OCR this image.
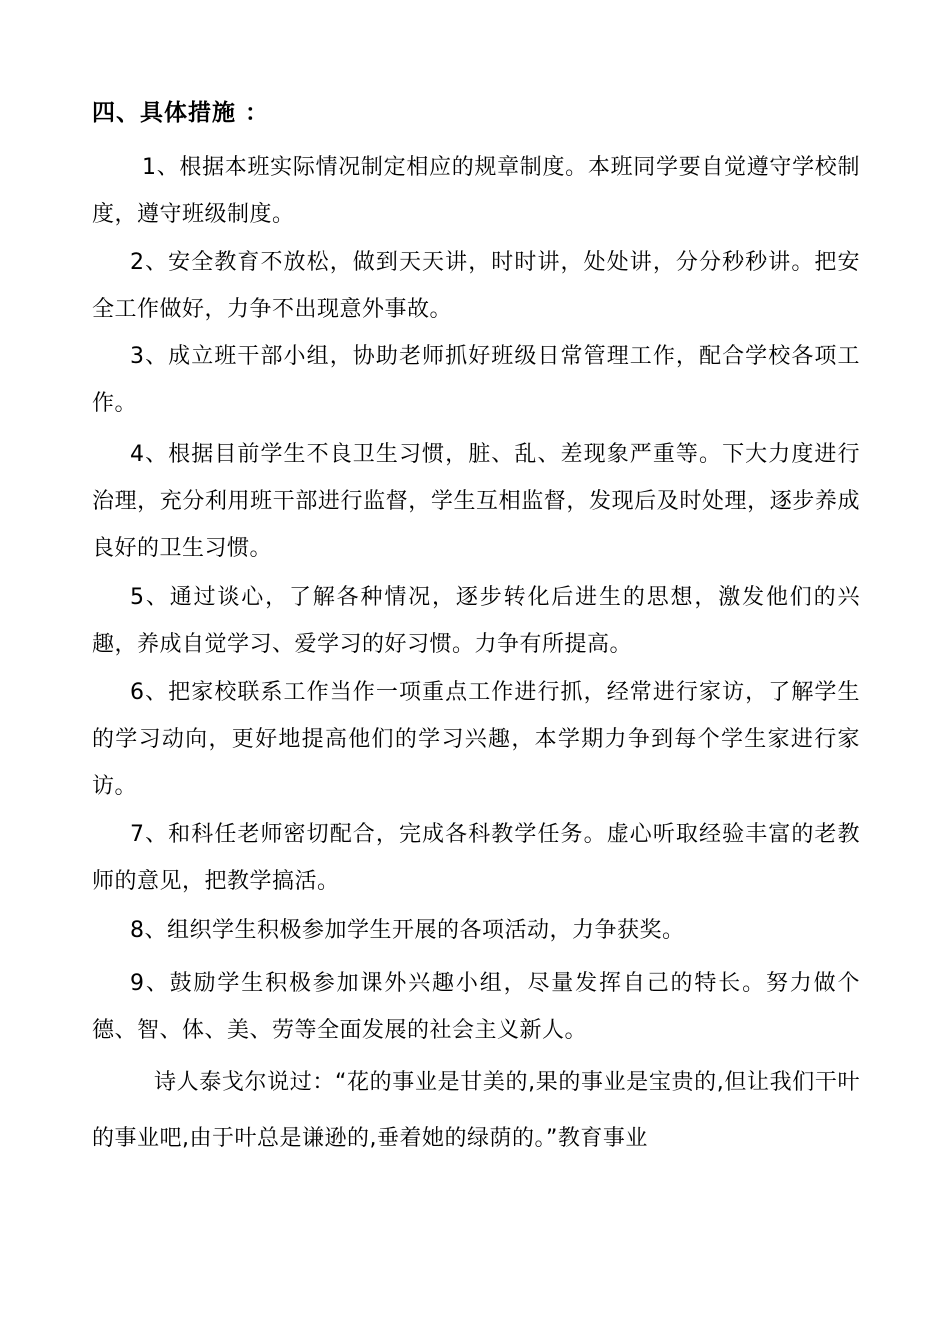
四、具体措施 ：
1、根据本班实际情况制定相应的规章制度。本班同学要自觉遵守学校制度，遵守班级制度。
2、安全教育不放松，做到天天讲，时时讲，处处讲，分分秒秒讲。把安全工作做好，力争不出现意外事故。
3、成立班干部小组，协助老师抓好班级日常管理工作，配合学校各项工作。
4、根据目前学生不良卫生习惯，脏、乱、差现象严重等。下大力度进行治理，充分利用班干部进行监督，学生互相监督，发现后及时处理，逐步养成良好的卫生习惯。
5、通过谈心，了解各种情况，逐步转化后进生的思想，激发他们的兴趣，养成自觉学习、爱学习的好习惯。力争有所提高。
6、把家校联系工作当作一项重点工作进行抓，经常进行家访，了解学生的学习动向，更好地提高他们的学习兴趣，本学期力争到每个学生家进行家访。
7、和科任老师密切配合，完成各科教学任务。虚心听取经验丰富的老教师的意见，把教学搞活。
8、组织学生积极参加学生开展的各项活动，力争获奖。
9、鼓励学生积极参加课外兴趣小组，尽量发挥自己的特长。努力做个德、智、体、美、劳等全面发展的社会主义新人。

诗人泰戈尔说过：“花的事业是甘美的,果的事业是宝贵的,但让我们干叶的事业吧,由于叶总是谦逊的,垂着她的绿荫的。”教育事业
